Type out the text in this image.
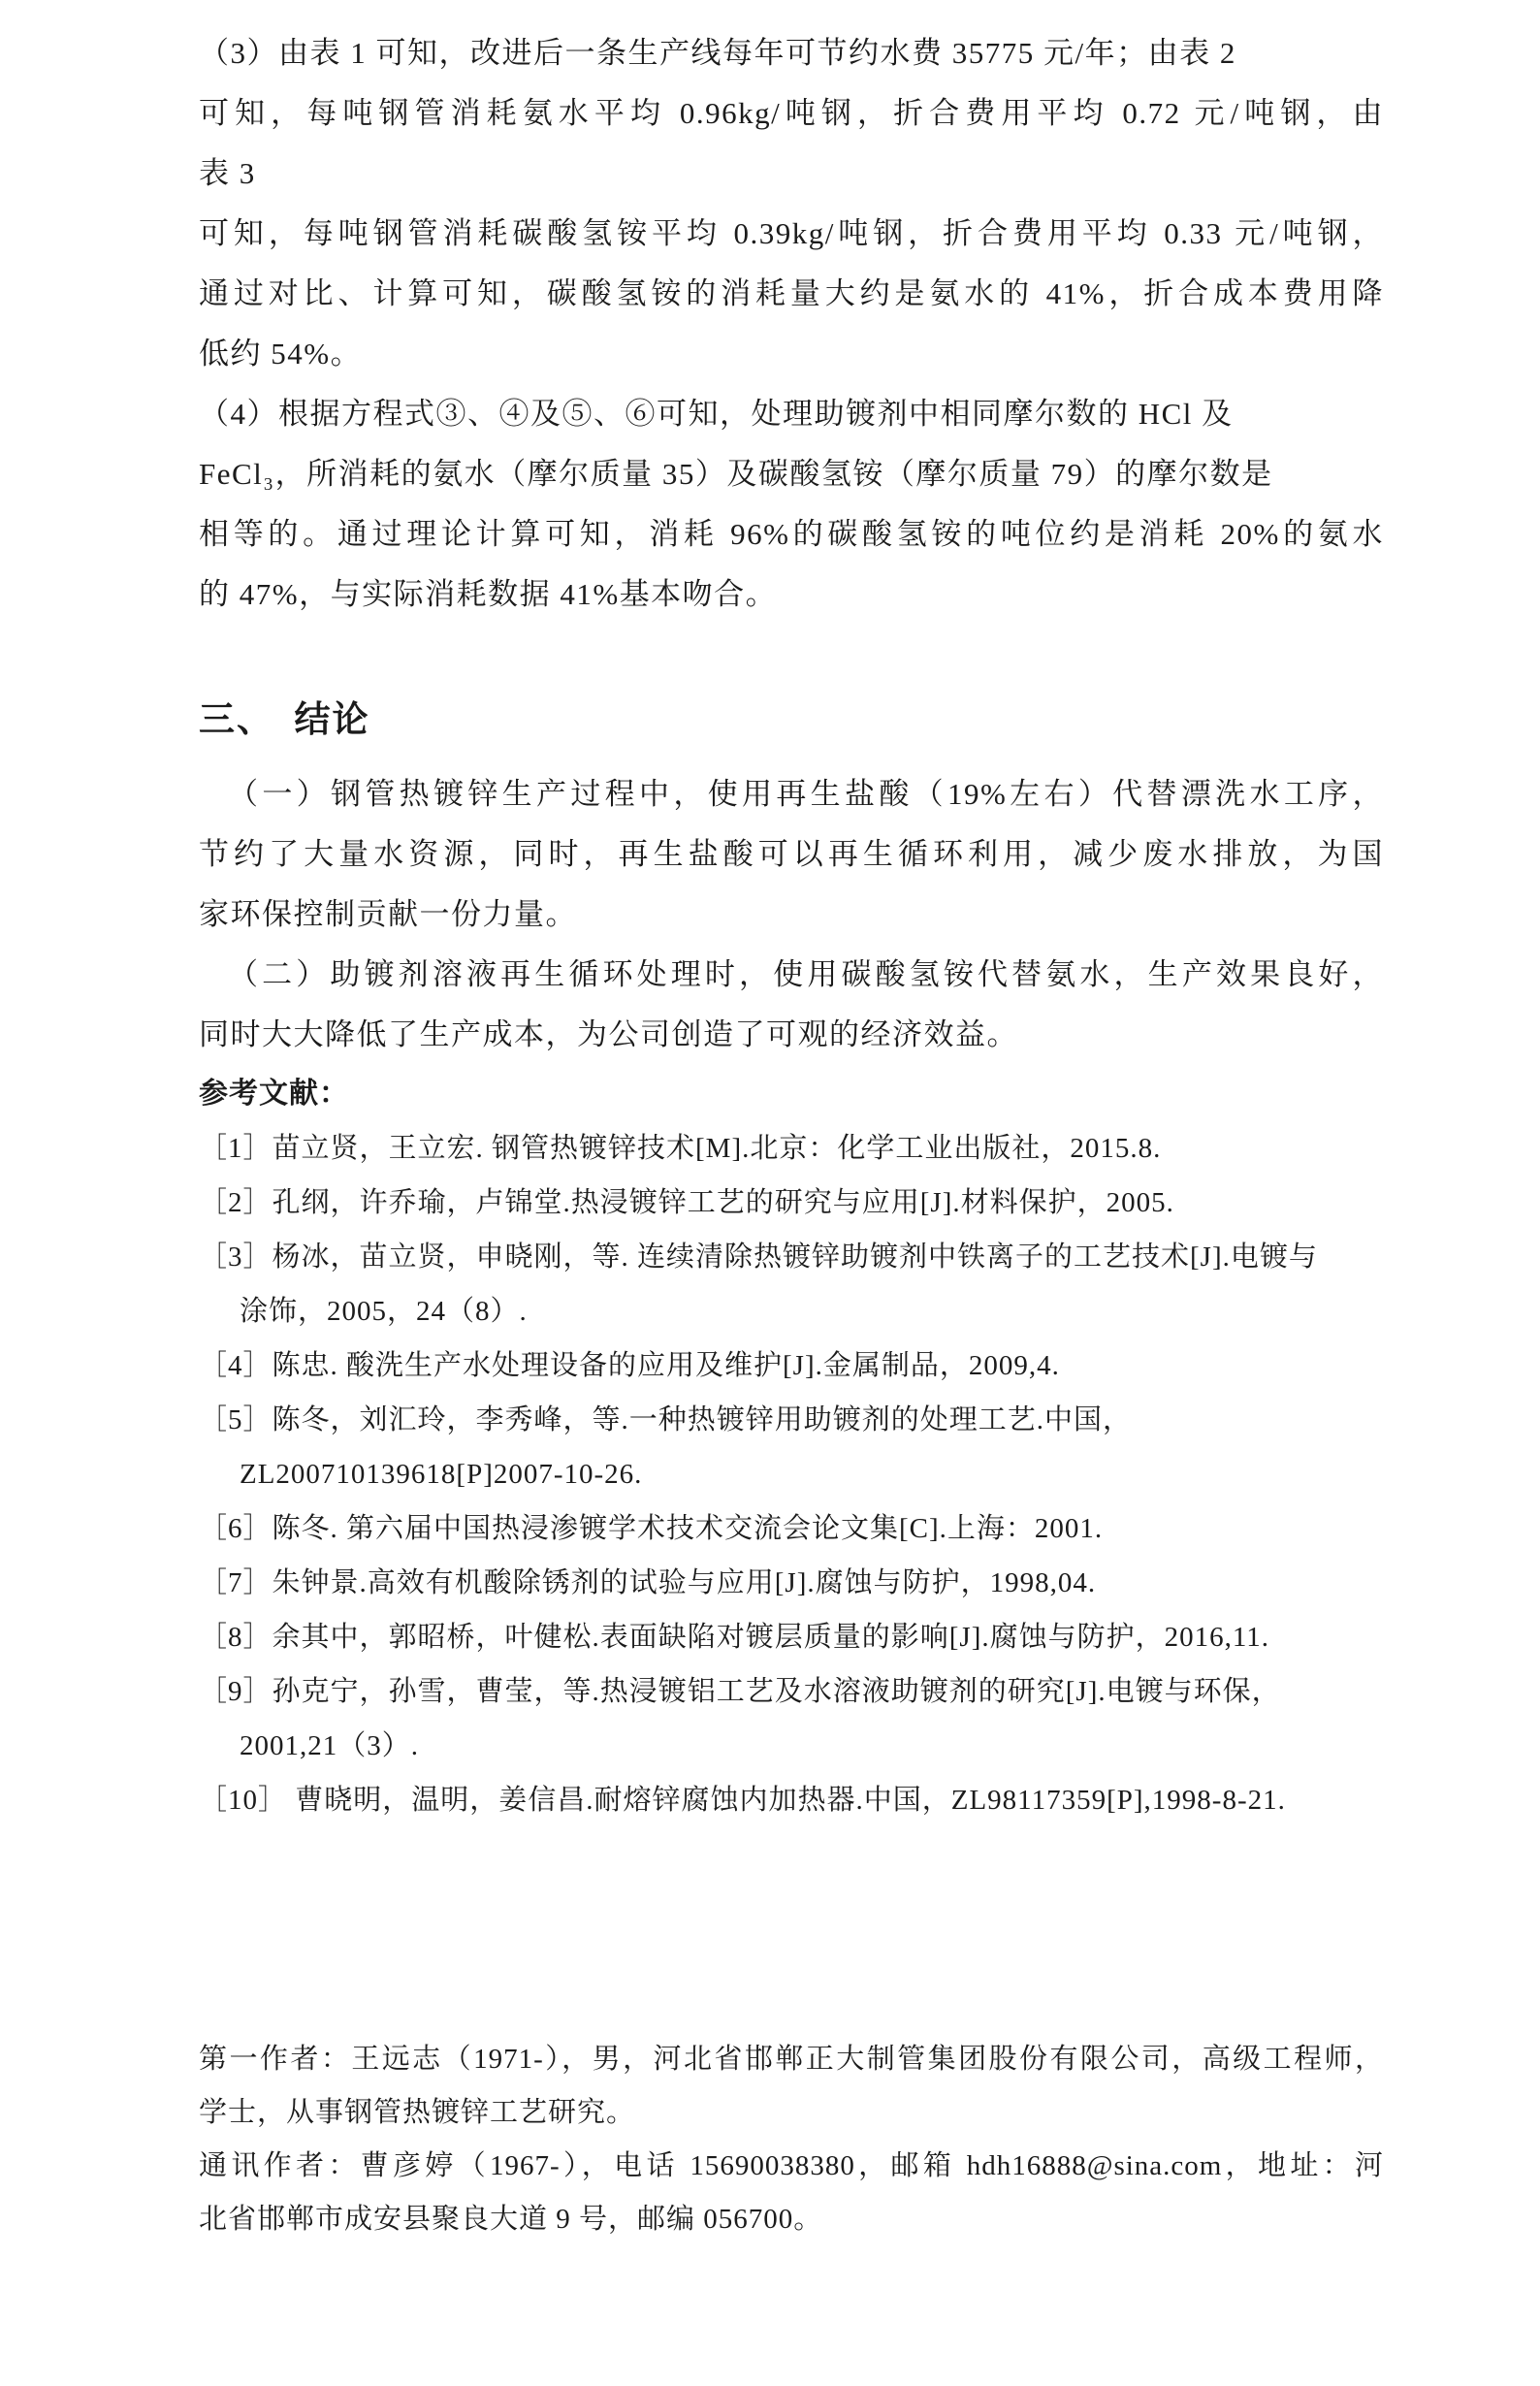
（3）由表 1 可知，改进后一条生产线每年可节约水费 35775 元/年；由表 2
可知，每吨钢管消耗氨水平均 0.96kg/吨钢，折合费用平均 0.72 元/吨钢，由
表 3
可知，每吨钢管消耗碳酸氢铵平均 0.39kg/吨钢，折合费用平均 0.33 元/吨钢，
通过对比、计算可知，碳酸氢铵的消耗量大约是氨水的 41%，折合成本费用降
低约 54%。
（4）根据方程式③、④及⑤、⑥可知，处理助镀剂中相同摩尔数的 HCl 及
FeCl₃，所消耗的氨水（摩尔质量 35）及碳酸氢铵（摩尔质量 79）的摩尔数是
相等的。通过理论计算可知，消耗 96%的碳酸氢铵的吨位约是消耗 20%的氨水
的 47%，与实际消耗数据 41%基本吻合。
三、　结论
（一）钢管热镀锌生产过程中，使用再生盐酸（19%左右）代替漂洗水工序，
节约了大量水资源，同时，再生盐酸可以再生循环利用，减少废水排放，为国
家环保控制贡献一份力量。
（二）助镀剂溶液再生循环处理时，使用碳酸氢铵代替氨水，生产效果良好，
同时大大降低了生产成本，为公司创造了可观的经济效益。
参考文献：
［1］苗立贤，王立宏. 钢管热镀锌技术[M].北京：化学工业出版社，2015.8.
［2］孔纲，许乔瑜，卢锦堂.热浸镀锌工艺的研究与应用[J].材料保护，2005.
［3］杨冰，苗立贤，申晓刚，等. 连续清除热镀锌助镀剂中铁离子的工艺技术[J].电镀与
涂饰，2005，24（8）.
［4］陈忠. 酸洗生产水处理设备的应用及维护[J].金属制品，2009,4.
［5］陈冬，刘汇玲，李秀峰，等.一种热镀锌用助镀剂的处理工艺.中国，
ZL200710139618[P]2007-10-26.
［6］陈冬. 第六届中国热浸渗镀学术技术交流会论文集[C].上海：2001.
［7］朱钟景.高效有机酸除锈剂的试验与应用[J].腐蚀与防护，1998,04.
［8］余其中，郭昭桥，叶健松.表面缺陷对镀层质量的影响[J].腐蚀与防护，2016,11.
［9］孙克宁，孙雪，曹莹，等.热浸镀铝工艺及水溶液助镀剂的研究[J].电镀与环保，
2001,21（3）.
［10］ 曹晓明，温明，姜信昌.耐熔锌腐蚀内加热器.中国，ZL98117359[P],1998-8-21.
第一作者：王远志（1971-），男，河北省邯郸正大制管集团股份有限公司，高级工程师，
学士，从事钢管热镀锌工艺研究。
通讯作者：曹彦婷（1967-），电话 15690038380，邮箱 hdh16888@sina.com，地址：河
北省邯郸市成安县聚良大道 9 号，邮编 056700。
